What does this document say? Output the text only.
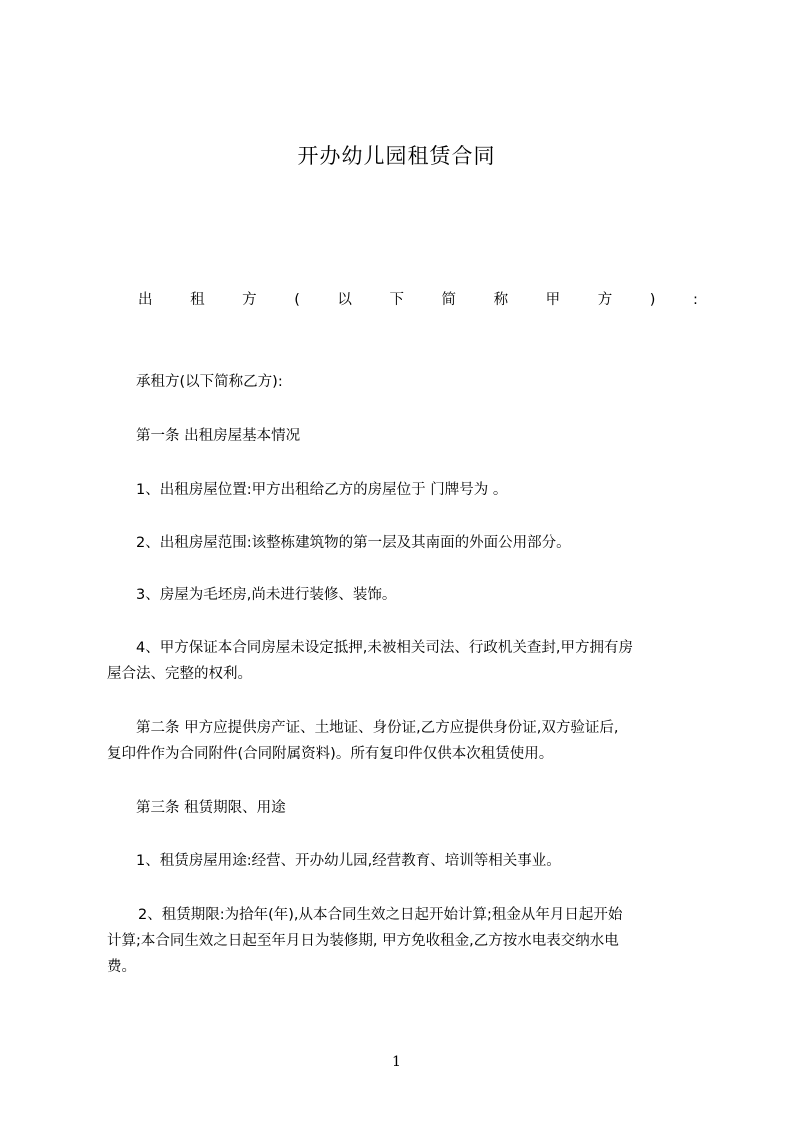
开办幼儿园租赁合同
出	租	方	(	以	下	简	称	甲	方	)	:
承租方(以下简称乙方):
第一条 出租房屋基本情况
1、出租房屋位置:甲方出租给乙方的房屋位于 门牌号为 。
2、出租房屋范围:该整栋建筑物的第一层及其南面的外面公用部分。
3、房屋为毛坯房,尚未进行装修、装饰。
4、甲方保证本合同房屋未设定抵押,未被相关司法、行政机关查封,甲方拥有房
屋合法、完整的权利。
第二条 甲方应提供房产证、土地证、身份证,乙方应提供身份证,双方验证后,
复印件作为合同附件(合同附属资料)。所有复印件仅供本次租赁使用。
第三条 租赁期限、用途
1、租赁房屋用途:经营、开办幼儿园,经营教育、培训等相关事业。
2、租赁期限:为拾年(年),从本合同生效之日起开始计算;租金从年月日起开始
计算;本合同生效之日起至年月日为装修期, 甲方免收租金,乙方按水电表交纳水电
费。
1
